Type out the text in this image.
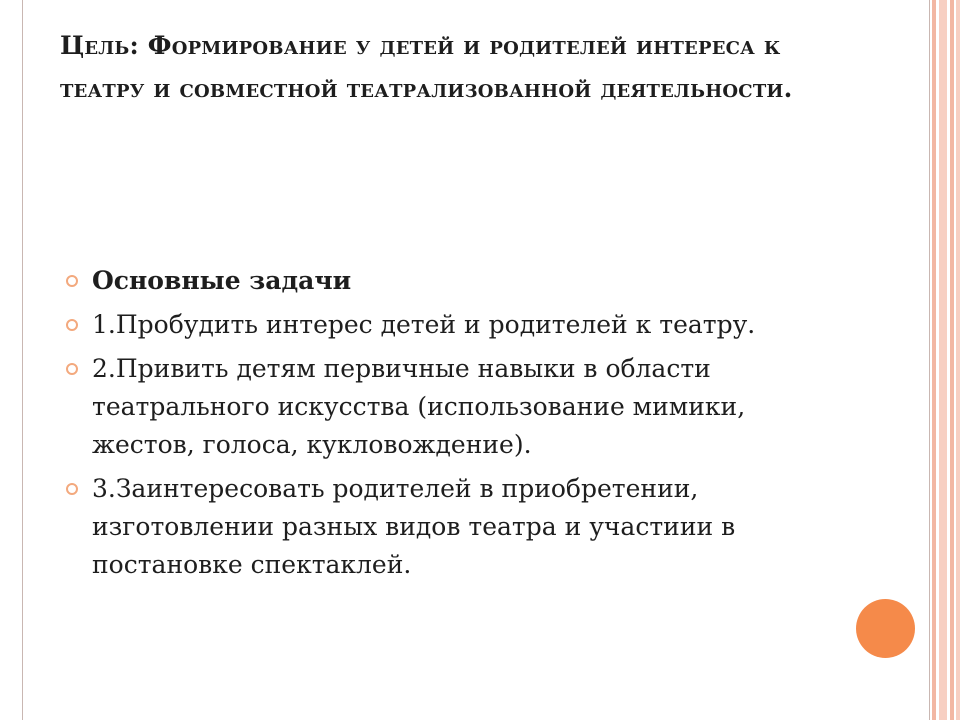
Цель: Формирование у детей и родителей интереса к театру и совместной театрализованной деятельности.
Основные задачи
1.Пробудить интерес детей и родителей к театру.
2.Привить детям первичные навыки в области театрального искусства (использование мимики, жестов, голоса, кукловождение).
3.Заинтересовать родителей в приобретении, изготовлении разных видов театра и участиии в постановке спектаклей.
